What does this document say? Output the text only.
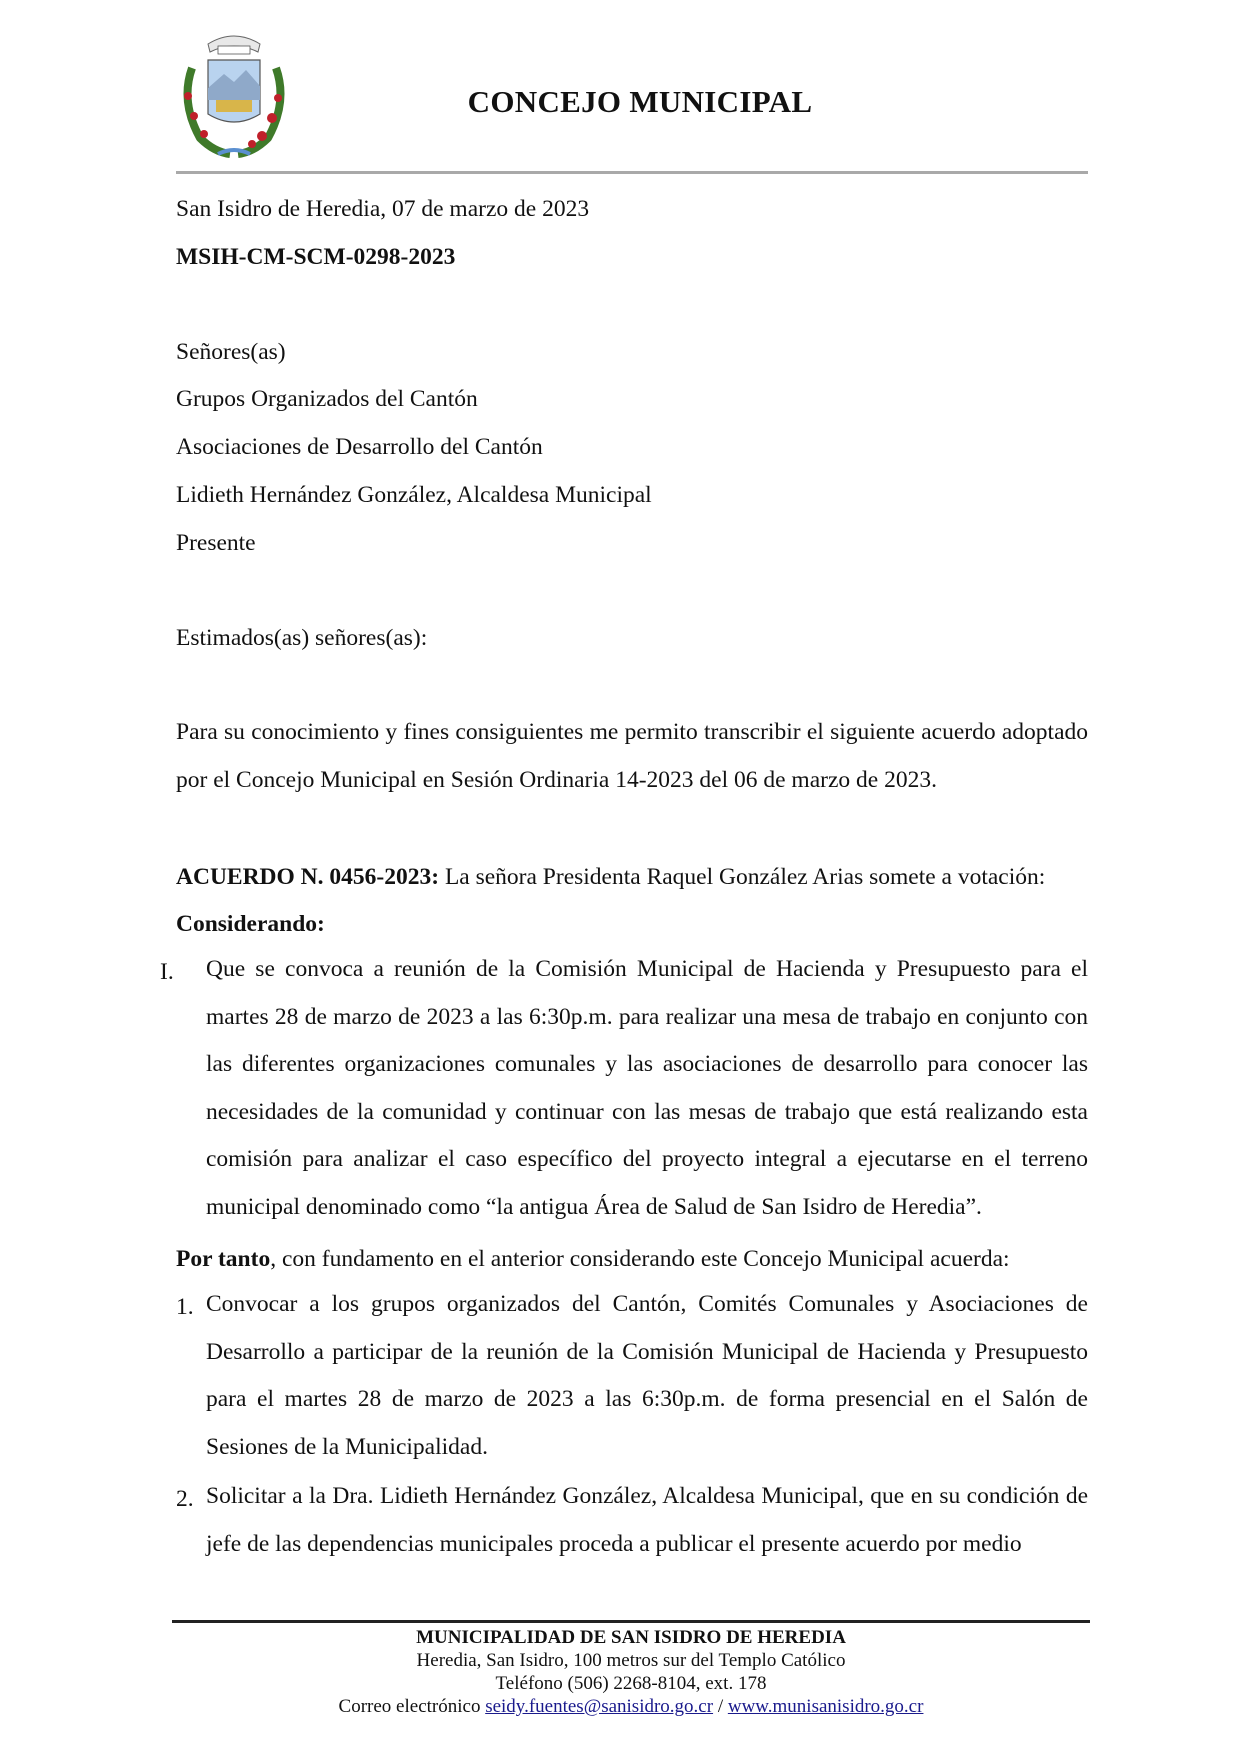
CONCEJO MUNICIPAL
San Isidro de Heredia, 07 de marzo de 2023
MSIH-CM-SCM-0298-2023
Señores(as)
Grupos Organizados del Cantón
Asociaciones de Desarrollo del Cantón
Lidieth Hernández González, Alcaldesa Municipal
Presente
Estimados(as) señores(as):
Para su conocimiento y fines consiguientes me permito transcribir el siguiente acuerdo adoptado por el Concejo Municipal en Sesión Ordinaria 14-2023 del 06 de marzo de 2023.
ACUERDO N. 0456-2023: La señora Presidenta Raquel González Arias somete a votación:
Considerando:
I. Que se convoca a reunión de la Comisión Municipal de Hacienda y Presupuesto para el martes 28 de marzo de 2023 a las 6:30p.m. para realizar una mesa de trabajo en conjunto con las diferentes organizaciones comunales y las asociaciones de desarrollo para conocer las necesidades de la comunidad y continuar con las mesas de trabajo que está realizando esta comisión para analizar el caso específico del proyecto integral a ejecutarse en el terreno municipal denominado como “la antigua Área de Salud de San Isidro de Heredia”.
Por tanto, con fundamento en el anterior considerando este Concejo Municipal acuerda:
1. Convocar a los grupos organizados del Cantón, Comités Comunales y Asociaciones de Desarrollo a participar de la reunión de la Comisión Municipal de Hacienda y Presupuesto para el martes 28 de marzo de 2023 a las 6:30p.m. de forma presencial en el Salón de Sesiones de la Municipalidad.
2. Solicitar a la Dra. Lidieth Hernández González, Alcaldesa Municipal, que en su condición de jefe de las dependencias municipales proceda a publicar el presente acuerdo por medio
MUNICIPALIDAD DE SAN ISIDRO DE HEREDIA
Heredia, San Isidro, 100 metros sur del Templo Católico
Teléfono (506) 2268-8104, ext. 178
Correo electrónico seidy.fuentes@sanisidro.go.cr / www.munisanisidro.go.cr
